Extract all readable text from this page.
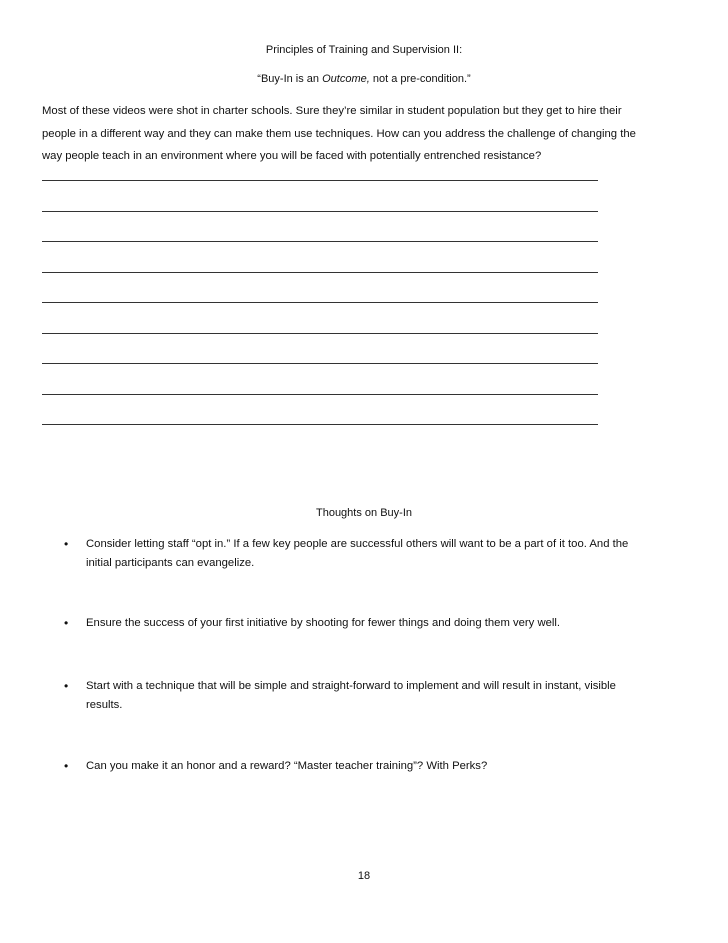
Principles of Training and Supervision II:
“Buy-In is an Outcome, not a pre-condition.”
Most of these videos were shot in charter schools. Sure they’re similar in student population but they get to hire their
people in a different way and they can make them use techniques. How can you address the challenge of changing the
way people teach in an environment where you will be faced with potentially entrenched resistance?
Thoughts on Buy-In
• Consider letting staff “opt in.” If a few key people are successful others will want to be a part of it too. And the
initial participants can evangelize.
• Ensure the success of your first initiative by shooting for fewer things and doing them very well.
• Start with a technique that will be simple and straight-forward to implement and will result in instant, visible
results.
• Can you make it an honor and a reward? “Master teacher training”? With Perks?
18
